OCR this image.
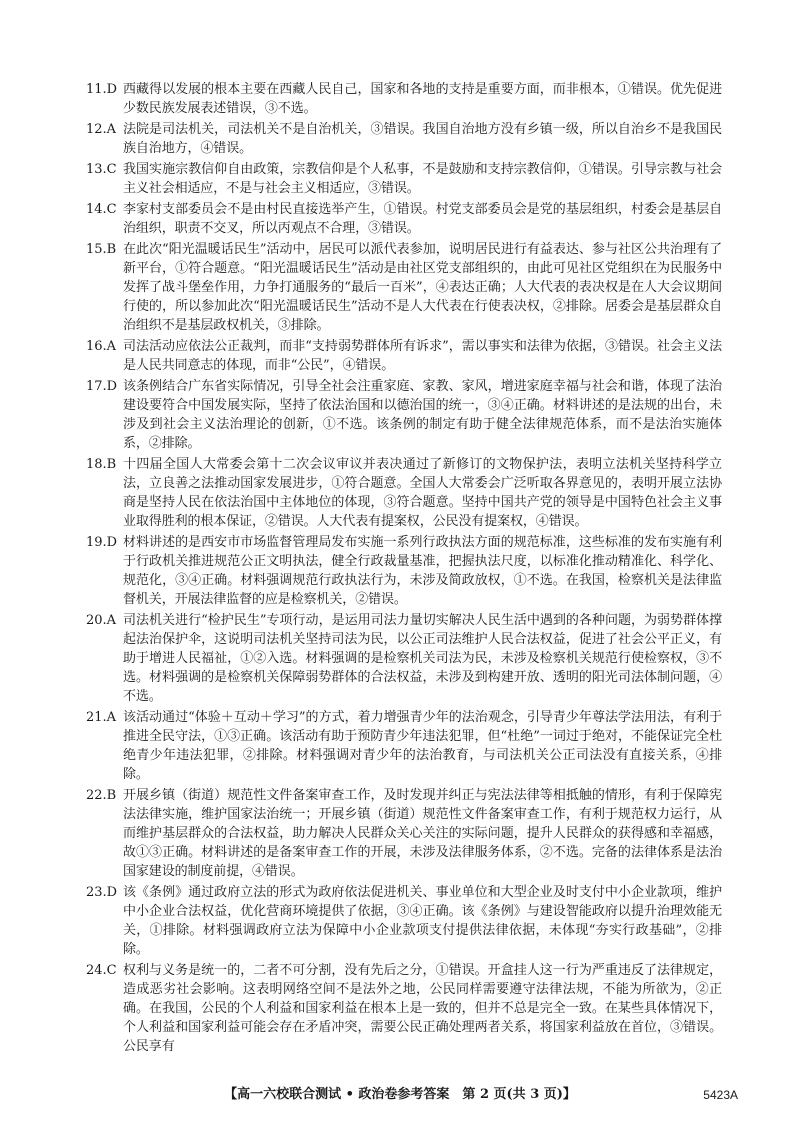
11.D 西藏得以发展的根本主要在西藏人民自己，国家和各地的支持是重要方面，而非根本，①错误。优先促进少数民族发展表述错误，③不选。
12.A 法院是司法机关，司法机关不是自治机关，③错误。我国自治地方没有乡镇一级，所以自治乡不是我国民族自治地方，④错误。
13.C 我国实施宗教信仰自由政策，宗教信仰是个人私事，不是鼓励和支持宗教信仰，①错误。引导宗教与社会主义社会相适应，不是与社会主义相适应，③错误。
14.C 李家村支部委员会不是由村民直接选举产生，①错误。村党支部委员会是党的基层组织，村委会是基层自治组织，职责不交叉，所以丙观点不合理，③错误。
15.B 在此次“阳光温暖话民生”活动中，居民可以派代表参加，说明居民进行有益表达、参与社区公共治理有了新平台，①符合题意。“阳光温暖话民生”活动是由社区党支部组织的，由此可见社区党组织在为民服务中发挥了战斗堡垒作用，力争打通服务的“最后一百米”，④表达正确；人大代表的表决权是在人大会议期间行使的，所以参加此次“阳光温暖话民生”活动不是人大代表在行使表决权，②排除。居委会是基层群众自治组织不是基层政权机关，③排除。
16.A 司法活动应依法公正裁判，而非“支持弱势群体所有诉求”，需以事实和法律为依据，③错误。社会主义法是人民共同意志的体现，而非“公民”，④错误。
17.D 该条例结合广东省实际情况，引导全社会注重家庭、家教、家风，增进家庭幸福与社会和谐，体现了法治建设要符合中国发展实际，坚持了依法治国和以德治国的统一，③④正确。材料讲述的是法规的出台，未涉及到社会主义法治理论的创新，①不选。该条例的制定有助于健全法律规范体系，而不是法治实施体系，②排除。
18.B 十四届全国人大常委会第十二次会议审议并表决通过了新修订的文物保护法，表明立法机关坚持科学立法，立良善之法推动国家发展进步，①符合题意。全国人大常委会广泛听取各界意见的，表明开展立法协商是坚持人民在依法治国中主体地位的体现，③符合题意。坚持中国共产党的领导是中国特色社会主义事业取得胜利的根本保证，②错误。人大代表有提案权，公民没有提案权，④错误。
19.D 材料讲述的是西安市市场监督管理局发布实施一系列行政执法方面的规范标准，这些标准的发布实施有利于行政机关推进规范公正文明执法，健全行政裁量基准，把握执法尺度，以标准化推动精准化、科学化、规范化，③④正确。材料强调规范行政执法行为，未涉及简政放权，①不选。在我国，检察机关是法律监督机关，开展法律监督的应是检察机关，②错误。
20.A 司法机关进行“检护民生”专项行动，是运用司法力量切实解决人民生活中遇到的各种问题，为弱势群体撑起法治保护伞，这说明司法机关坚持司法为民，以公正司法维护人民合法权益，促进了社会公平正义，有助于增进人民福祉，①②入选。材料强调的是检察机关司法为民，未涉及检察机关规范行使检察权，③不选。材料强调的是检察机关保障弱势群体的合法权益，未涉及到构建开放、透明的阳光司法体制问题，④不选。
21.A 该活动通过“体验＋互动＋学习”的方式，着力增强青少年的法治观念，引导青少年尊法学法用法，有利于推进全民守法，①③正确。该活动有助于预防青少年违法犯罪，但“杜绝”一词过于绝对，不能保证完全杜绝青少年违法犯罪，②排除。材料强调对青少年的法治教育，与司法机关公正司法没有直接关系，④排除。
22.B 开展乡镇（街道）规范性文件备案审查工作，及时发现并纠正与宪法法律等相抵触的情形，有利于保障宪法法律实施，维护国家法治统一；开展乡镇（街道）规范性文件备案审查工作，有利于规范权力运行，从而维护基层群众的合法权益，助力解决人民群众关心关注的实际问题，提升人民群众的获得感和幸福感，故①③正确。材料讲述的是备案审查工作的开展，未涉及法律服务体系，②不选。完备的法律体系是法治国家建设的制度前提，④错误。
23.D 该《条例》通过政府立法的形式为政府依法促进机关、事业单位和大型企业及时支付中小企业款项，维护中小企业合法权益，优化营商环境提供了依据，③④正确。该《条例》与建设智能政府以提升治理效能无关，①排除。材料强调政府立法为保障中小企业款项支付提供法律依据，未体现“夯实行政基础”，②排除。
24.C 权利与义务是统一的，二者不可分割，没有先后之分，①错误。开盒挂人这一行为严重违反了法律规定，造成恶劣社会影响。这表明网络空间不是法外之地，公民同样需要遵守法律法规，不能为所欲为，②正确。在我国，公民的个人利益和国家利益在根本上是一致的，但并不总是完全一致。在某些具体情况下，个人利益和国家利益可能会存在矛盾冲突，需要公民正确处理两者关系，将国家利益放在首位，③错误。公民享有
【高一六校联合测试 • 政治卷参考答案　第 2 页(共 3 页)】	5423A
